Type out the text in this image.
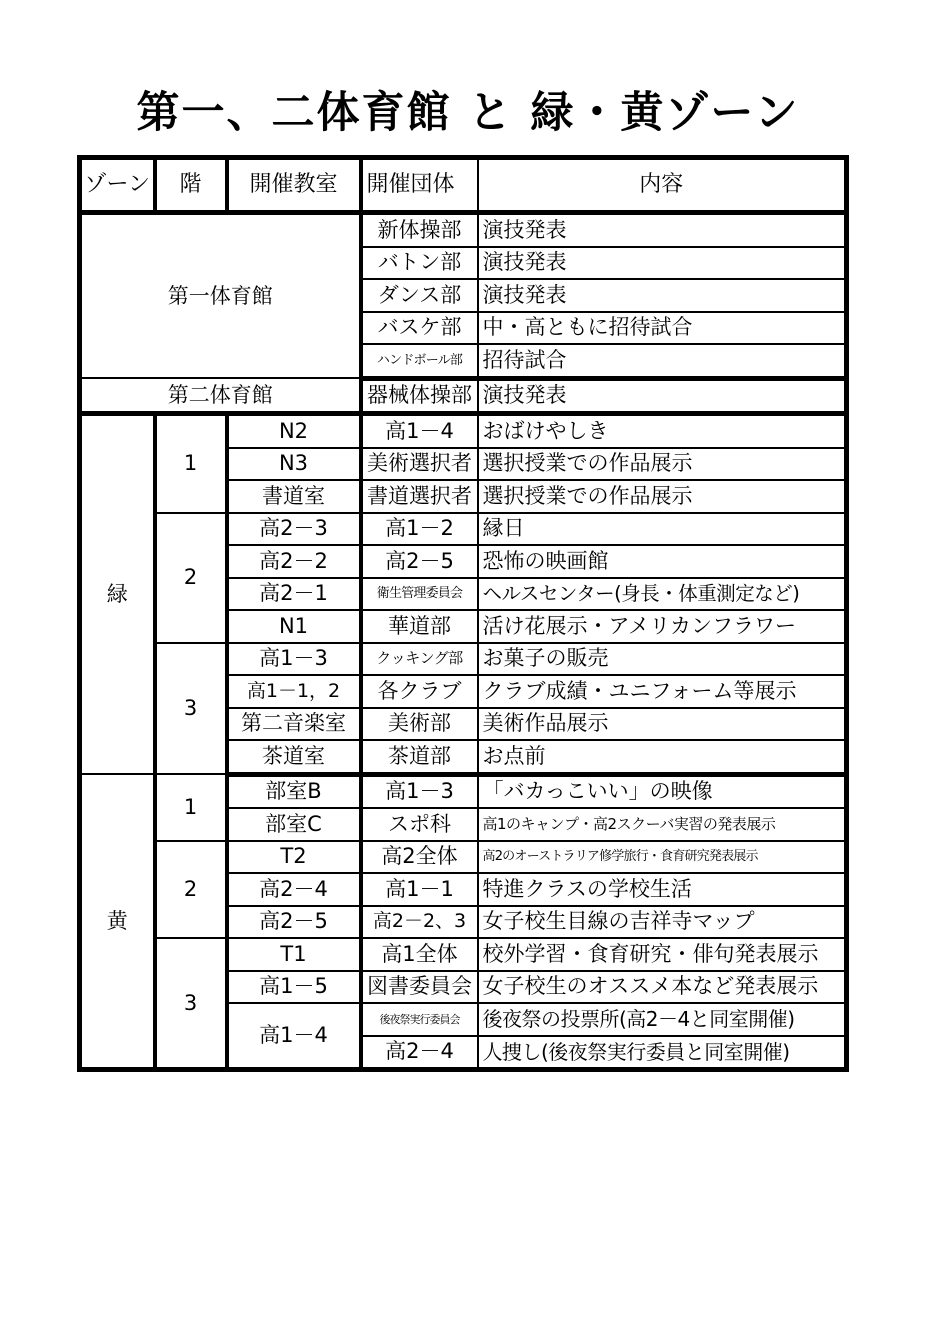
第一、二体育館 と 緑・黄ゾーン
ゾーン	階	開催教室	開催団体	内容
第一体育館			新体操部	演技発表
			バトン部	演技発表
			ダンス部	演技発表
			バスケ部	中・高ともに招待試合
			ハンドボール部	招待試合
第二体育館			器械体操部	演技発表
緑	1	N2	高1－4	おばけやしき
		N3	美術選択者	選択授業での作品展示
		書道室	書道選択者	選択授業での作品展示
	2	高2－3	高1－2	縁日
		高2－2	高2－5	恐怖の映画館
		高2－1	衛生管理委員会	ヘルスセンター(身長・体重測定など)
		N1	華道部	活け花展示・アメリカンフラワー
	3	高1－3	クッキング部	お菓子の販売
		高1－1，2	各クラブ	クラブ成績・ユニフォーム等展示
		第二音楽室	美術部	美術作品展示
		茶道室	茶道部	お点前
黄	1	部室B	高1－3	「バカっこいい」の映像
		部室C	スポ科	高1のキャンプ・高2スクーバ実習の発表展示
	2	T2	高2全体	高2のオーストラリア修学旅行・食育研究発表展示
		高2－4	高1－1	特進クラスの学校生活
		高2－5	高2－2、3	女子校生目線の吉祥寺マップ
	3	T1	高1全体	校外学習・食育研究・俳句発表展示
		高1－5	図書委員会	女子校生のオススメ本など発表展示
		高1－4	後夜祭実行委員会	後夜祭の投票所(高2－4と同室開催)
			高2－4	人捜し(後夜祭実行委員と同室開催)
